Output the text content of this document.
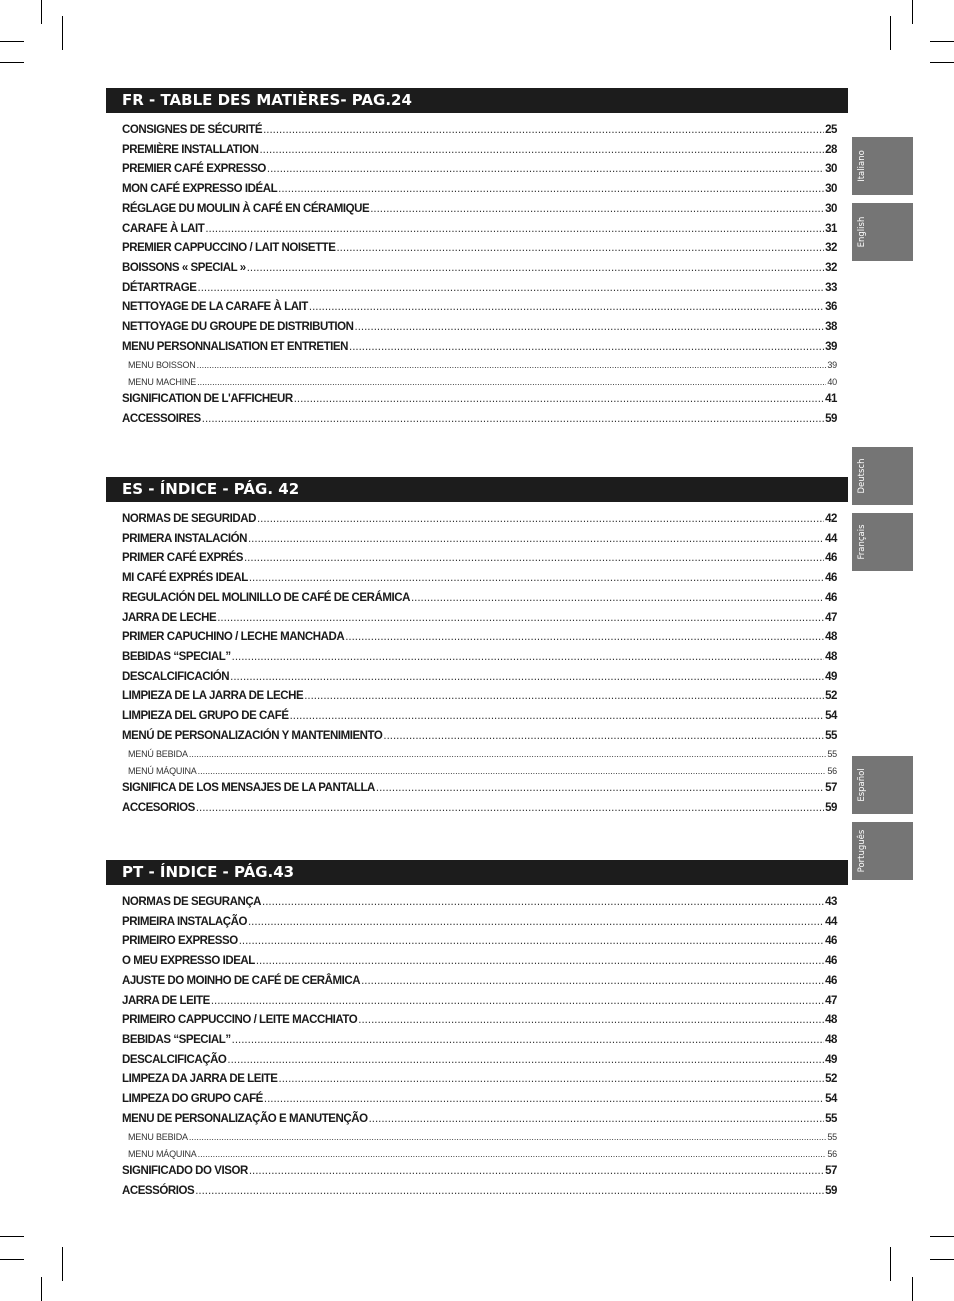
Italiano
English
Deutsch
Français
Español
Português
FR - TABLE DES MATIÈRES- PAG.24
CONSIGNES DE SÉCURITÉ .....	25
PREMIÈRE INSTALLATION .....	28
PREMIER CAFÉ EXPRESSO .....	30
MON CAFÉ EXPRESSO IDÉAL .....	30
RÉGLAGE DU MOULIN À CAFÉ EN CÉRAMIQUE .....	30
CARAFE À LAIT .....	31
PREMIER CAPPUCCINO / LAIT NOISETTE .....	32
BOISSONS « SPECIAL » .....	32
DÉTARTRAGE .....	33
NETTOYAGE DE LA CARAFE À LAIT .....	36
NETTOYAGE DU GROUPE DE DISTRIBUTION .....	38
MENU PERSONNALISATION ET ENTRETIEN .....	39
MENU BOISSON .....	39
MENU MACHINE .....	40
SIGNIFICATION DE L'AFFICHEUR .....	41
ACCESSOIRES .....	59
ES - ÍNDICE - PÁG. 42
NORMAS DE SEGURIDAD .....	42
PRIMERA INSTALACIÓN .....	44
PRIMER CAFÉ EXPRÉS .....	46
MI CAFÉ EXPRÉS IDEAL .....	46
REGULACIÓN DEL MOLINILLO DE CAFÉ DE CERÁMICA .....	46
JARRA DE LECHE .....	47
PRIMER CAPUCHINO / LECHE MANCHADA .....	48
BEBIDAS “SPECIAL” .....	48
DESCALCIFICACIÓN .....	49
LIMPIEZA DE LA JARRA DE LECHE .....	52
LIMPIEZA DEL GRUPO DE CAFÉ .....	54
MENÚ DE PERSONALIZACIÓN Y MANTENIMIENTO .....	55
MENÚ BEBIDA .....	55
MENÚ MÁQUINA .....	56
SIGNIFICA DE LOS MENSAJES DE LA PANTALLA .....	57
ACCESORIOS .....	59
PT - ÍNDICE - PÁG.43
NORMAS DE SEGURANÇA .....	43
PRIMEIRA INSTALAÇÃO .....	44
PRIMEIRO EXPRESSO .....	46
O MEU EXPRESSO IDEAL .....	46
AJUSTE DO MOINHO DE CAFÉ DE CERÂMICA .....	46
JARRA DE LEITE .....	47
PRIMEIRO CAPPUCCINO / LEITE MACCHIATO .....	48
BEBIDAS “SPECIAL” .....	48
DESCALCIFICAÇÃO .....	49
LIMPEZA DA JARRA DE LEITE .....	52
LIMPEZA DO GRUPO CAFÉ .....	54
MENU DE PERSONALIZAÇÃO E MANUTENÇÃO .....	55
MENU BEBIDA .....	55
MENU MÁQUINA .....	56
SIGNIFICADO DO VISOR .....	57
ACESSÓRIOS .....	59
